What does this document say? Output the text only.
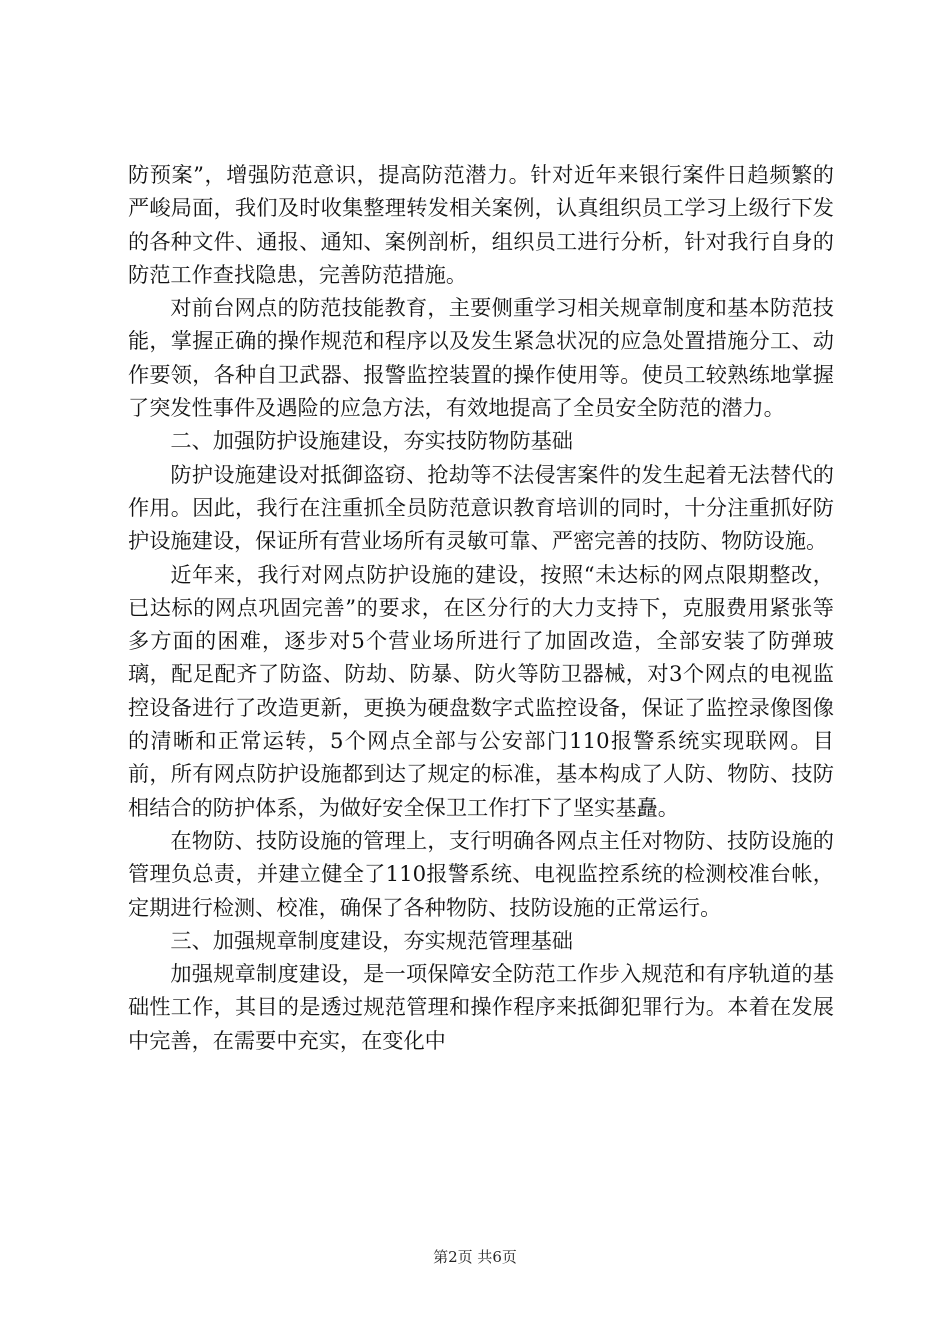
防预案”，增强防范意识，提高防范潜力。针对近年来银行案件日趋频繁的严峻局面，我们及时收集整理转发相关案例，认真组织员工学习上级行下发的各种文件、通报、通知、案例剖析，组织员工进行分析，针对我行自身的防范工作查找隐患，完善防范措施。

对前台网点的防范技能教育，主要侧重学习相关规章制度和基本防范技能，掌握正确的操作规范和程序以及发生紧急状况的应急处置措施分工、动作要领，各种自卫武器、报警监控装置的操作使用等。使员工较熟练地掌握了突发性事件及遇险的应急方法，有效地提高了全员安全防范的潜力。

二、加强防护设施建设，夯实技防物防基础

防护设施建设对抵御盗窃、抢劫等不法侵害案件的发生起着无法替代的作用。因此，我行在注重抓全员防范意识教育培训的同时，十分注重抓好防护设施建设，保证所有营业场所有灵敏可靠、严密完善的技防、物防设施。

近年来，我行对网点防护设施的建设，按照“未达标的网点限期整改，已达标的网点巩固完善”的要求，在区分行的大力支持下，克服费用紧张等多方面的困难，逐步对5个营业场所进行了加固改造，全部安装了防弹玻璃，配足配齐了防盗、防劫、防暴、防火等防卫器械，对3个网点的电视监控设备进行了改造更新，更换为硬盘数字式监控设备，保证了监控录像图像的清晰和正常运转，5个网点全部与公安部门110报警系统实现联网。目前，所有网点防护设施都到达了规定的标准，基本构成了人防、物防、技防相结合的防护体系，为做好安全保卫工作打下了坚实基矗。

在物防、技防设施的管理上，支行明确各网点主任对物防、技防设施的管理负总责，并建立健全了110报警系统、电视监控系统的检测校准台帐，定期进行检测、校准，确保了各种物防、技防设施的正常运行。

三、加强规章制度建设，夯实规范管理基础

加强规章制度建设，是一项保障安全防范工作步入规范和有序轨道的基础性工作，其目的是透过规范管理和操作程序来抵御犯罪行为。本着在发展中完善，在需要中充实，在变化中

第2页 共6页
